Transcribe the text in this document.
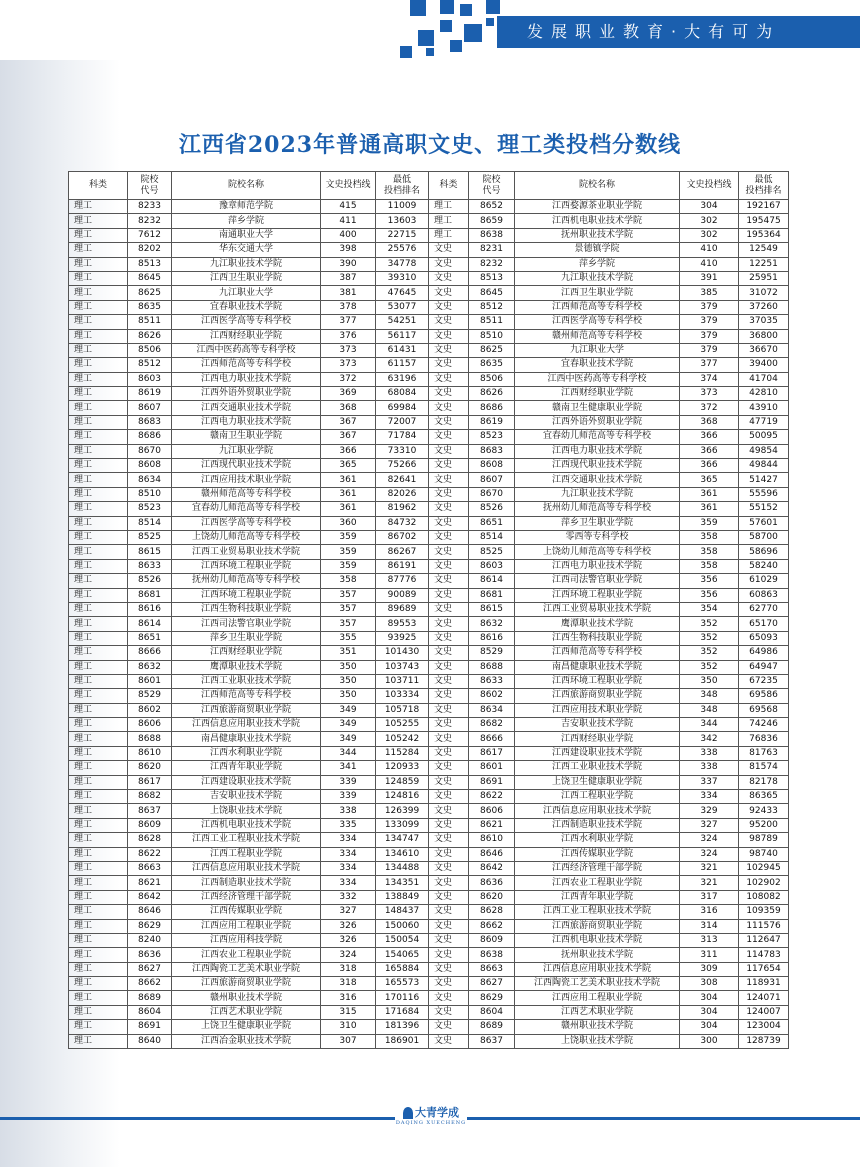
发展职业教育·大有可为
江西省2023年普通高职文史、理工类投档分数线
科类	院校
代号	院校名称	文史投档线	最低
投档排名	科类	院校
代号	院校名称	文史投档线	最低
投档排名
理工	8233	豫章师范学院	415	11009	理工	8652	江西婺源茶业职业学院	304	192167
理工	8232	萍乡学院	411	13603	理工	8659	江西机电职业技术学院	302	195475
理工	7612	南通职业大学	400	22715	理工	8638	抚州职业技术学院	302	195364
理工	8202	华东交通大学	398	25576	文史	8231	景德镇学院	410	12549
理工	8513	九江职业技术学院	390	34778	文史	8232	萍乡学院	410	12251
理工	8645	江西卫生职业学院	387	39310	文史	8513	九江职业技术学院	391	25951
理工	8625	九江职业大学	381	47645	文史	8645	江西卫生职业学院	385	31072
理工	8635	宜春职业技术学院	378	53077	文史	8512	江西师范高等专科学校	379	37260
理工	8511	江西医学高等专科学校	377	54251	文史	8511	江西医学高等专科学校	379	37035
理工	8626	江西财经职业学院	376	56117	文史	8510	赣州师范高等专科学校	379	36800
理工	8506	江西中医药高等专科学校	373	61431	文史	8625	九江职业大学	379	36670
理工	8512	江西师范高等专科学校	373	61157	文史	8635	宜春职业技术学院	377	39400
理工	8603	江西电力职业技术学院	372	63196	文史	8506	江西中医药高等专科学校	374	41704
理工	8619	江西外语外贸职业学院	369	68084	文史	8626	江西财经职业学院	373	42810
理工	8607	江西交通职业技术学院	368	69984	文史	8686	赣南卫生健康职业学院	372	43910
理工	8683	江西电力职业技术学院	367	72007	文史	8619	江西外语外贸职业学院	368	47719
理工	8686	赣南卫生职业学院	367	71784	文史	8523	宜春幼儿师范高等专科学校	366	50095
理工	8670	九江职业学院	366	73310	文史	8683	江西电力职业技术学院	366	49854
理工	8608	江西现代职业技术学院	365	75266	文史	8608	江西现代职业技术学院	366	49844
理工	8634	江西应用技术职业学院	361	82641	文史	8607	江西交通职业技术学院	365	51427
理工	8510	赣州师范高等专科学校	361	82026	文史	8670	九江职业技术学院	361	55596
理工	8523	宜春幼儿师范高等专科学校	361	81962	文史	8526	抚州幼儿师范高等专科学校	361	55152
理工	8514	江西医学高等专科学校	360	84732	文史	8651	萍乡卫生职业学院	359	57601
理工	8525	上饶幼儿师范高等专科学校	359	86702	文史	8514	零西等专科学校	358	58700
理工	8615	江西工业贸易职业技术学院	359	86267	文史	8525	上饶幼儿师范高等专科学校	358	58696
理工	8633	江西环境工程职业学院	359	86191	文史	8603	江西电力职业技术学院	358	58240
理工	8526	抚州幼儿师范高等专科学校	358	87776	文史	8614	江西司法警官职业学院	356	61029
理工	8681	江西环境工程职业学院	357	90089	文史	8681	江西环境工程职业学院	356	60863
理工	8616	江西生物科技职业学院	357	89689	文史	8615	江西工业贸易职业技术学院	354	62770
理工	8614	江西司法警官职业学院	357	89553	文史	8632	鹰潭职业技术学院	352	65170
理工	8651	萍乡卫生职业学院	355	93925	文史	8616	江西生物科技职业学院	352	65093
理工	8666	江西财经职业学院	351	101430	文史	8529	江西师范高等专科学校	352	64986
理工	8632	鹰潭职业技术学院	350	103743	文史	8688	南昌健康职业技术学院	352	64947
理工	8601	江西工业职业技术学院	350	103711	文史	8633	江西环境工程职业学院	350	67235
理工	8529	江西师范高等专科学校	350	103334	文史	8602	江西旅游商贸职业学院	348	69586
理工	8602	江西旅游商贸职业学院	349	105718	文史	8634	江西应用技术职业学院	348	69568
理工	8606	江西信息应用职业技术学院	349	105255	文史	8682	吉安职业技术学院	344	74246
理工	8688	南昌健康职业技术学院	349	105242	文史	8666	江西财经职业学院	342	76836
理工	8610	江西水利职业学院	344	115284	文史	8617	江西建设职业技术学院	338	81763
理工	8620	江西青年职业学院	341	120933	文史	8601	江西工业职业技术学院	338	81574
理工	8617	江西建设职业技术学院	339	124859	文史	8691	上饶卫生健康职业学院	337	82178
理工	8682	吉安职业技术学院	339	124816	文史	8622	江西工程职业学院	334	86365
理工	8637	上饶职业技术学院	338	126399	文史	8606	江西信息应用职业技术学院	329	92433
理工	8609	江西机电职业技术学院	335	133099	文史	8621	江西制造职业技术学院	327	95200
理工	8628	江西工业工程职业技术学院	334	134747	文史	8610	江西水利职业学院	324	98789
理工	8622	江西工程职业学院	334	134610	文史	8646	江西传媒职业学院	324	98740
理工	8663	江西信息应用职业技术学院	334	134488	文史	8642	江西经济管理干部学院	321	102945
理工	8621	江西制造职业技术学院	334	134351	文史	8636	江西农业工程职业学院	321	102902
理工	8642	江西经济管理干部学院	332	138849	文史	8620	江西青年职业学院	317	108082
理工	8646	江西传媒职业学院	327	148437	文史	8628	江西工业工程职业技术学院	316	109359
理工	8629	江西应用工程职业学院	326	150060	文史	8662	江西旅游商贸职业学院	314	111576
理工	8240	江西应用科技学院	326	150054	文史	8609	江西机电职业技术学院	313	112647
理工	8636	江西农业工程职业学院	324	154065	文史	8638	抚州职业技术学院	311	114783
理工	8627	江西陶瓷工艺美术职业学院	318	165884	文史	8663	江西信息应用职业技术学院	309	117654
理工	8662	江西旅游商贸职业学院	318	165573	文史	8627	江西陶瓷工艺美术职业技术学院	308	118931
理工	8689	赣州职业技术学院	316	170116	文史	8629	江西应用工程职业学院	304	124071
理工	8604	江西艺术职业学院	315	171684	文史	8604	江西艺术职业学院	304	124007
理工	8691	上饶卫生健康职业学院	310	181396	文史	8689	赣州职业技术学院	304	123004
理工	8640	江西冶金职业技术学院	307	186901	文史	8637	上饶职业技术学院	300	128739
大青学成
DAQING XUECHENG
